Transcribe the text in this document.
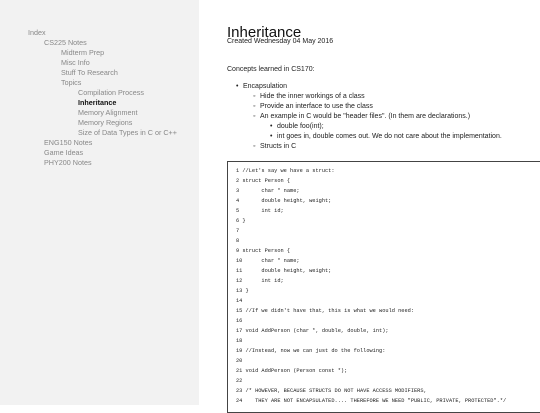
Index
CS225 Notes
Midterm Prep
Misc Info
Stuff To Research
Topics
Compilation Process
Inheritance
Memory Alignment
Memory Regions
Size of Data Types in C or C++
ENG150 Notes
Game Ideas
PHY200 Notes
Inheritance
Created Wednesday 04 May 2016
Concepts learned in CS170:
• Encapsulation
◦ Hide the inner workings of a class
◦ Provide an interface to use the class
◦ An example in C would be "header files". (In them are declarations.)
• double foo(int);
• int goes in, double comes out. We do not care about the implementation.
◦ Structs in C
1 //Let's say we have a struct:
2 struct Person {
3       char * name;
4       double height, weight;
5       int id;
6 }
7
8
9 struct Person {
10      char * name;
11      double height, weight;
12      int id;
13 }
14
15 //If we didn't have that, this is what we would need:
16
17 void AddPerson (char *, double, double, int);
18
19 //Instead, now we can just do the following:
20
21 void AddPerson (Person const *);
22
23 /* HOWEVER, BECAUSE STRUCTS DO NOT HAVE ACCESS MODIFIERS,
24    THEY ARE NOT ENCAPSULATED.... THEREFORE WE NEED "PUBLIC, PRIVATE, PROTECTED".*/
